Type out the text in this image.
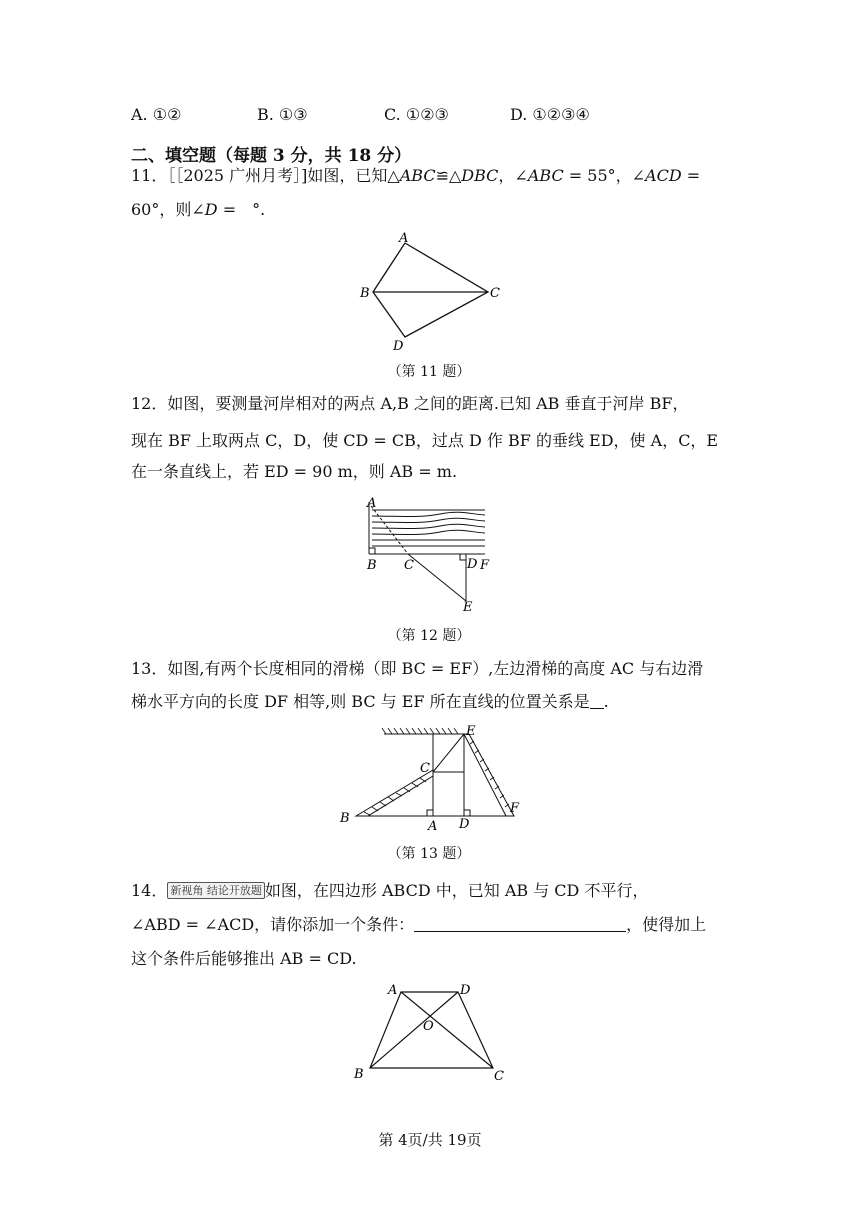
A. ①②	B. ①③	C. ①②③	D. ①②③④
二、填空题（每题 3 分，共 18 分）
11．［［2025 广州月考］]如图，已知△ABC≌△DBC，∠ABC = 55°，∠ACD =
60°，则∠D =　°.
A
B	C
D
（第 11 题）
12．如图，要测量河岸相对的两点 A,B 之间的距离.已知 AB 垂直于河岸 BF，
现在 BF 上取两点 C，D，使 CD = CB，过点 D 作 BF 的垂线 ED，使 A，C，E
在一条直线上，若 ED = 90 m，则 AB = m.
A
B C	D F
E
（第 12 题）
13．如图,有两个长度相同的滑梯（即 BC = EF）,左边滑梯的高度 AC 与右边滑
梯水平方向的长度 DF 相等,则 BC 与 EF 所在直线的位置关系是 .
E
C
B
A D
F
（第 13 题）
14． 新视角 结论开放题 如图，在四边形 ABCD 中，已知 AB 与 CD 不平行，
∠ABD = ∠ACD，请你添加一个条件：	，使得加上
这个条件后能够推出 AB = CD.
A	D
O
B	C
第 4页/共 19页
